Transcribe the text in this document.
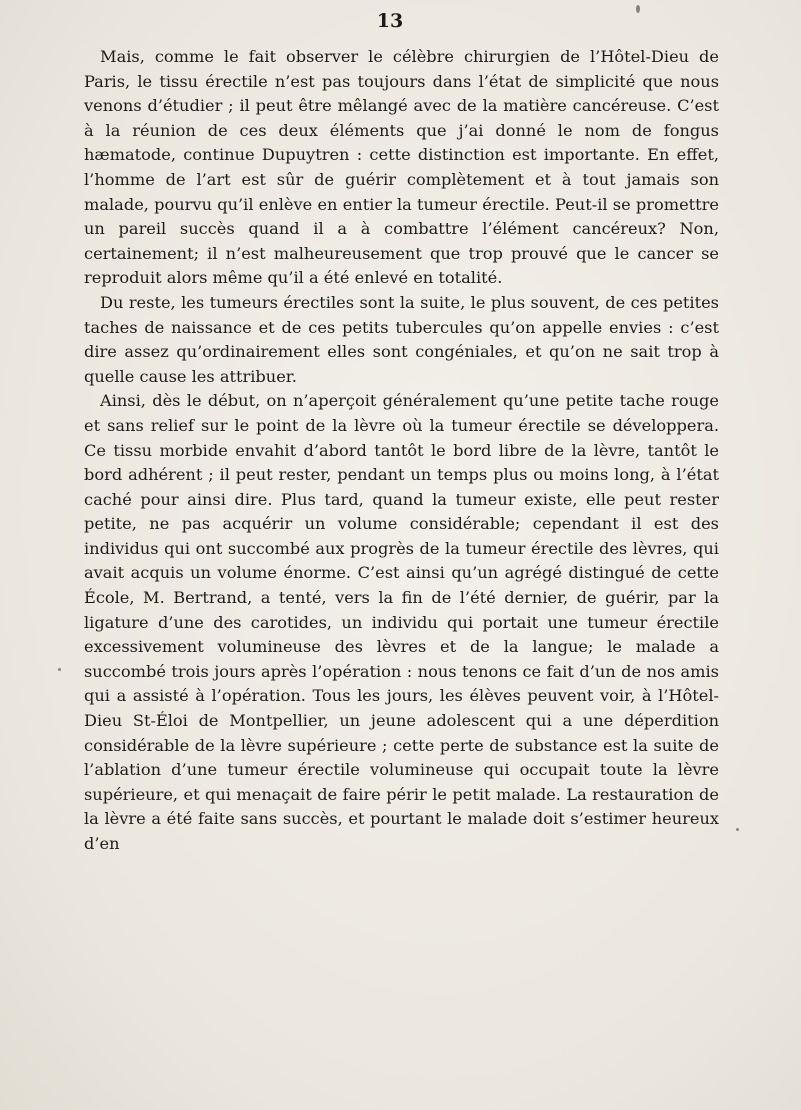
13

Mais, comme le fait observer le célèbre chirurgien de l’Hôtel-Dieu de Paris, le tissu érectile n’est pas toujours dans l’état de simplicité que nous venons d’étudier ; il peut être mêlangé avec de la matière cancéreuse. C’est à la réunion de ces deux éléments que j’ai donné le nom de fongus hæmatode, continue Dupuytren : cette distinction est importante. En effet, l’homme de l’art est sûr de guérir complètement et à tout jamais son malade, pourvu qu’il enlève en entier la tumeur érectile. Peut-il se promettre un pareil succès quand il a à combattre l’élément cancéreux? Non, certainement; il n’est malheureusement que trop prouvé que le cancer se reproduit alors même qu’il a été enlevé en totalité.

Du reste, les tumeurs érectiles sont la suite, le plus souvent, de ces petites taches de naissance et de ces petits tubercules qu’on appelle envies : c’est dire assez qu’ordinairement elles sont congéniales, et qu’on ne sait trop à quelle cause les attribuer.

Ainsi, dès le début, on n’aperçoit généralement qu’une petite tache rouge et sans relief sur le point de la lèvre où la tumeur érectile se développera. Ce tissu morbide envahit d’abord tantôt le bord libre de la lèvre, tantôt le bord adhérent ; il peut rester, pendant un temps plus ou moins long, à l’état caché pour ainsi dire. Plus tard, quand la tumeur existe, elle peut rester petite, ne pas acquérir un volume considérable; cependant il est des individus qui ont succombé aux progrès de la tumeur érectile des lèvres, qui avait acquis un volume énorme. C’est ainsi qu’un agrégé distingué de cette École, M. Bertrand, a tenté, vers la fin de l’été dernier, de guérir, par la ligature d’une des carotides, un individu qui portait une tumeur érectile excessivement volumineuse des lèvres et de la langue; le malade a succombé trois jours après l’opération : nous tenons ce fait d’un de nos amis qui a assisté à l’opération. Tous les jours, les élèves peuvent voir, à l’Hôtel-Dieu St-Éloi de Montpellier, un jeune adolescent qui a une déperdition considérable de la lèvre supérieure ; cette perte de substance est la suite de l’ablation d’une tumeur érectile volumineuse qui occupait toute la lèvre supérieure, et qui menaçait de faire périr le petit malade. La restauration de la lèvre a été faite sans succès, et pourtant le malade doit s’estimer heureux d’en
